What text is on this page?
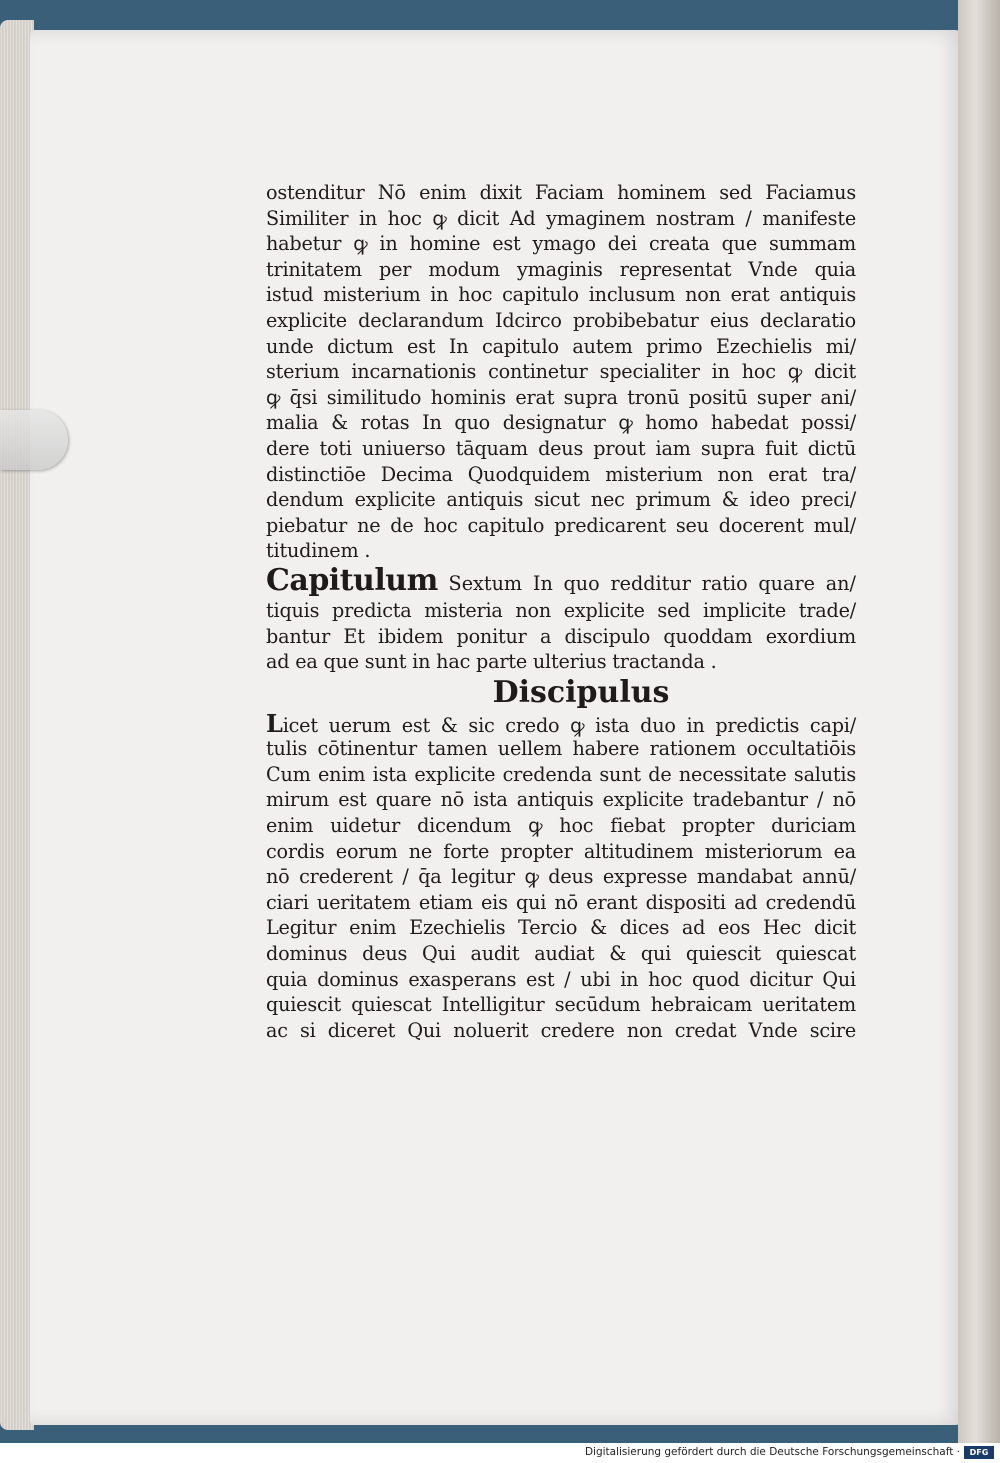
ostenditur Nō enim dixit Faciam hominem sed Faciamus
Similiter in hoc ꝙ dicit Ad ymaginem nostram / manifeste
habetur ꝙ in homine est ymago dei creata que summam
trinitatem per modum ymaginis representat Vnde quia
istud misterium in hoc capitulo inclusum non erat antiquis
explicite declarandum Idcirco probibebatur eius declaratio
unde dictum est In capitulo autem primo Ezechielis mi/
sterium incarnationis continetur specialiter in hoc ꝙ dicit
ꝙ q̄si similitudo hominis erat supra tronū positū super ani/
malia & rotas In quo designatur ꝙ homo habedat possi/
dere toti uniuerso tāquam deus prout iam supra fuit dictū
distinctiōe Decima Quodquidem misterium non erat tra/
dendum explicite antiquis sicut nec primum & ideo preci/
piebatur ne de hoc capitulo predicarent seu docerent mul/
titudinem .
Capitulum Sextum In quo redditur ratio quare an/
tiquis predicta misteria non explicite sed implicite trade/
bantur Et ibidem ponitur a discipulo quoddam exordium
ad ea que sunt in hac parte ulterius tractanda .
Discipulus
Licet uerum est & sic credo ꝙ ista duo in predictis capi/
tulis cōtinentur tamen uellem habere rationem occultatiōis
Cum enim ista explicite credenda sunt de necessitate salutis
mirum est quare nō ista antiquis explicite tradebantur / nō
enim uidetur dicendum ꝙ hoc fiebat propter duriciam
cordis eorum ne forte propter altitudinem misteriorum ea
nō crederent / q̄a legitur ꝙ deus expresse mandabat annū/
ciari ueritatem etiam eis qui nō erant dispositi ad credendū
Legitur enim Ezechielis Tercio & dices ad eos Hec dicit
dominus deus Qui audit audiat & qui quiescit quiescat
quia dominus exasperans est / ubi in hoc quod dicitur Qui
quiescit quiescat Intelligitur secūdum hebraicam ueritatem
ac si diceret Qui noluerit credere non credat Vnde scire
Digitalisierung gefördert durch die Deutsche Forschungsgemeinschaft ·	DFG
